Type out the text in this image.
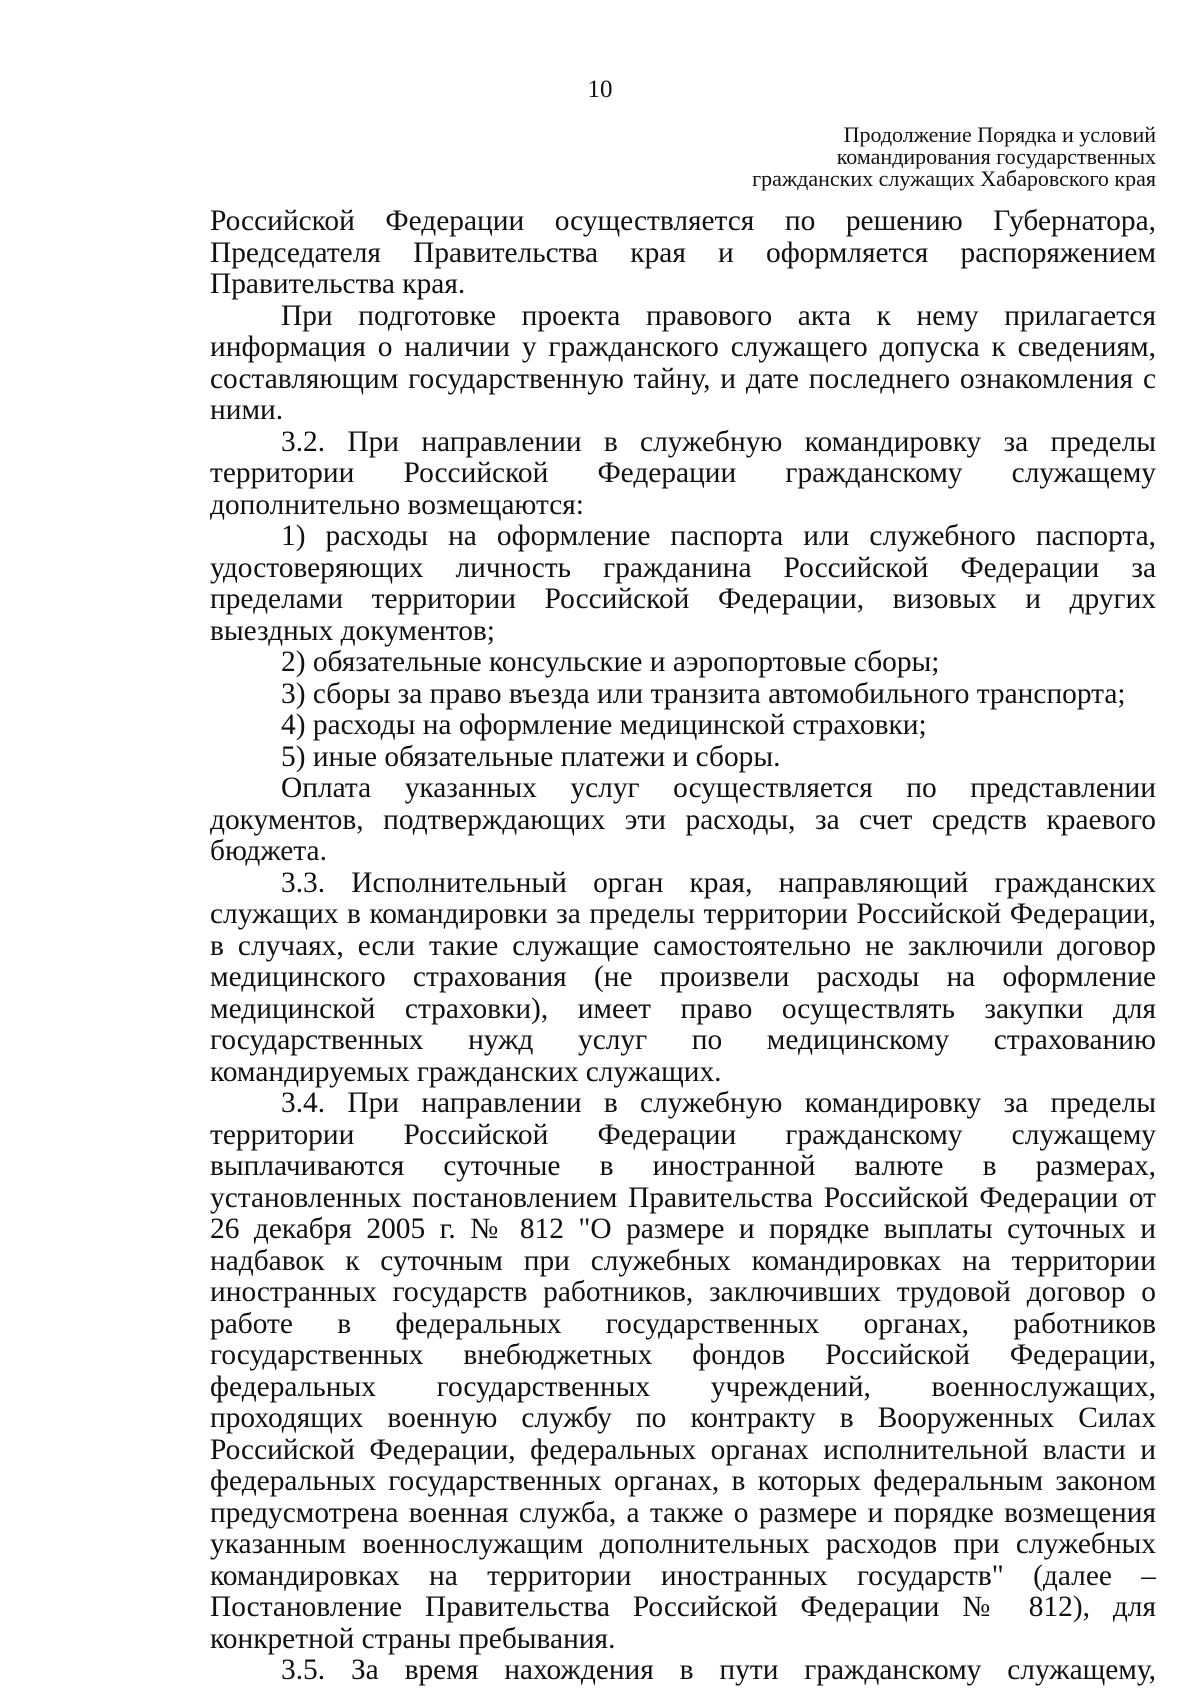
10

Продолжение Порядка и условий
командирования государственных
гражданских служащих Хабаровского края

Российской Федерации осуществляется по решению Губернатора, Председателя Правительства края и оформляется распоряжением Правительства края.

При подготовке проекта правового акта к нему прилагается информация о наличии у гражданского служащего допуска к сведениям, составляющим государственную тайну, и дате последнего ознакомления с ними.

3.2. При направлении в служебную командировку за пределы территории Российской Федерации гражданскому служащему дополнительно возмещаются:

1) расходы на оформление паспорта или служебного паспорта, удостоверяющих личность гражданина Российской Федерации за пределами территории Российской Федерации, визовых и других выездных документов;

2) обязательные консульские и аэропортовые сборы;

3) сборы за право въезда или транзита автомобильного транспорта;

4) расходы на оформление медицинской страховки;

5) иные обязательные платежи и сборы.

Оплата указанных услуг осуществляется по представлении документов, подтверждающих эти расходы, за счет средств краевого бюджета.

3.3. Исполнительный орган края, направляющий гражданских служащих в командировки за пределы территории Российской Федерации, в случаях, если такие служащие самостоятельно не заключили договор медицинского страхования (не произвели расходы на оформление медицинской страховки), имеет право осуществлять закупки для государственных нужд услуг по медицинскому страхованию командируемых гражданских служащих.

3.4. При направлении в служебную командировку за пределы территории Российской Федерации гражданскому служащему выплачиваются суточные в иностранной валюте в размерах, установленных постановлением Правительства Российской Федерации от 26 декабря 2005 г. № 812 "О размере и порядке выплаты суточных и надбавок к суточным при служебных командировках на территории иностранных государств работников, заключивших трудовой договор о работе в федеральных государственных органах, работников государственных внебюджетных фондов Российской Федерации, федеральных государственных учреждений, военнослужащих, проходящих военную службу по контракту в Вооруженных Силах Российской Федерации, федеральных органах исполнительной власти и федеральных государственных органах, в которых федеральным законом предусмотрена военная служба, а также о размере и порядке возмещения указанным военнослужащим дополнительных расходов при служебных командировках на территории иностранных государств" (далее – Постановление Правительства Российской Федерации № 812), для конкретной страны пребывания.

3.5. За время нахождения в пути гражданскому служащему,
